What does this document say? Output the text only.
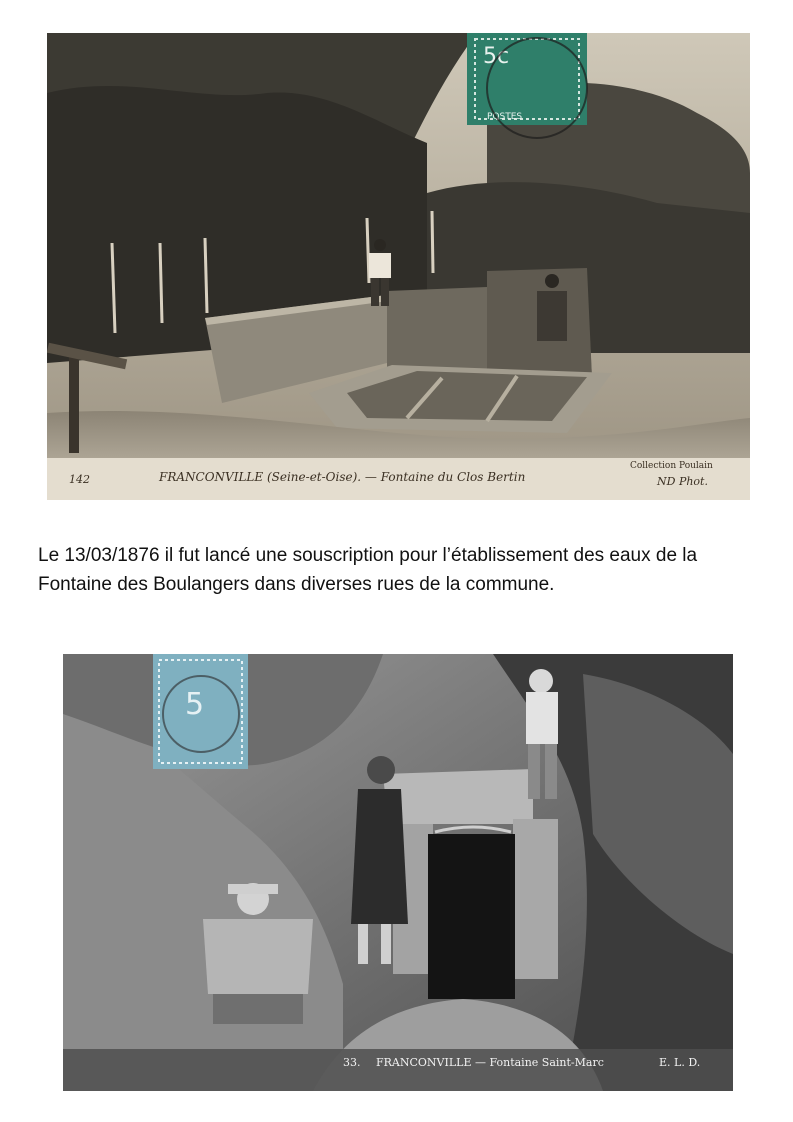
5c
POSTES
142	FRANCONVILLE (Seine-et-Oise). — Fontaine du Clos Bertin
Collection Poulain
ND Phot.

Le 13/03/1876 il fut lancé une souscription pour l’établissement des eaux de la Fontaine des Boulangers dans diverses rues de la commune.

5
33. FRANCONVILLE — Fontaine Saint-Marc	E. L. D.
